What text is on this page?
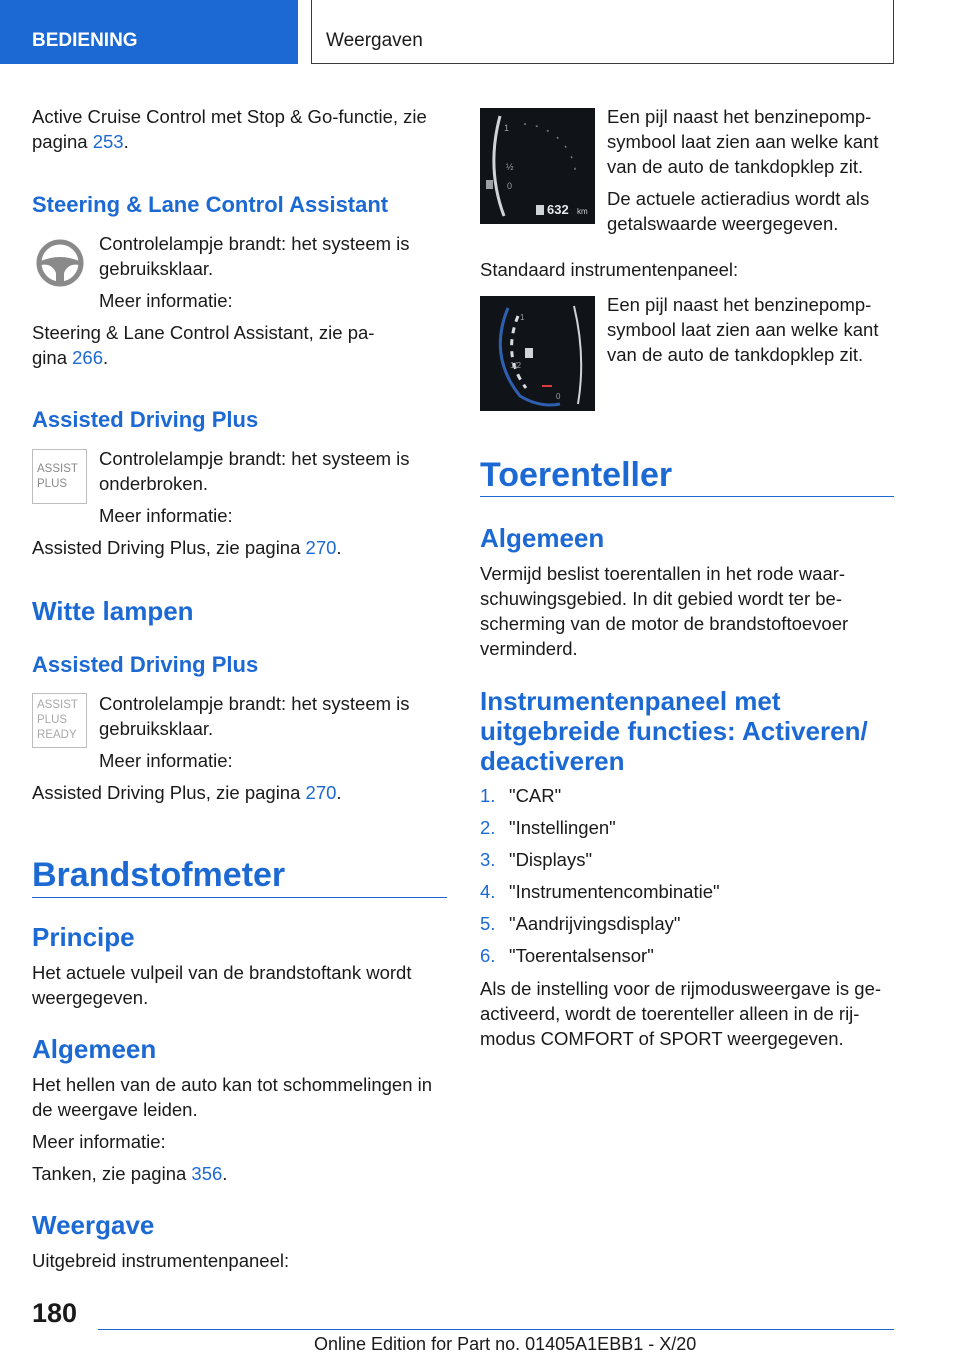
BEDIENING	Weergaven

Active Cruise Control met Stop & Go-functie, zie

pagina 253.

Steering & Lane Control Assistant

Controlelampje brandt: het systeem is

gebruiksklaar.

Meer informatie:

Steering & Lane Control Assistant, zie pa-

gina 266.

Assisted Driving Plus
ASSIST
PLUS

Controlelampje brandt: het systeem is

onderbroken.

Meer informatie:

Assisted Driving Plus, zie pagina 270.

Witte lampen
Assisted Driving Plus
ASSIST
PLUS
READY

Controlelampje brandt: het systeem is

gebruiksklaar.

Meer informatie:

Assisted Driving Plus, zie pagina 270.

Brandstofmeter
Principe

Het actuele vulpeil van de brandstoftank wordt

weergegeven.

Algemeen

Het hellen van de auto kan tot schommelingen in

de weergave leiden.

Meer informatie:

Tanken, zie pagina 356.

Weergave

Uitgebreid instrumentenpaneel:

1
½
0
632 km

Een pijl naast het benzinepomp-

symbool laat zien aan welke kant

van de auto de tankdopklep zit.

De actuele actieradius wordt als

getalswaarde weergegeven.

Standaard instrumentenpaneel:

1/2
1
0

Een pijl naast het benzinepomp-

symbool laat zien aan welke kant

van de auto de tankdopklep zit.

Toerenteller
Algemeen

Vermijd beslist toerentallen in het rode waar-

schuwingsgebied. In dit gebied wordt ter be-

scherming van de motor de brandstoftoevoer

verminderd.

Instrumentenpaneel met
uitgebreide functies: Activeren/
deactiveren

1. "CAR"

2. "Instellingen"

3. "Displays"

4. "Instrumentencombinatie"

5. "Aandrijvingsdisplay"

6. "Toerentalsensor"

Als de instelling voor de rijmodusweergave is ge-

activeerd, wordt de toerenteller alleen in de rij-

modus COMFORT of SPORT weergegeven.

180
Online Edition for Part no. 01405A1EBB1 - X/20
